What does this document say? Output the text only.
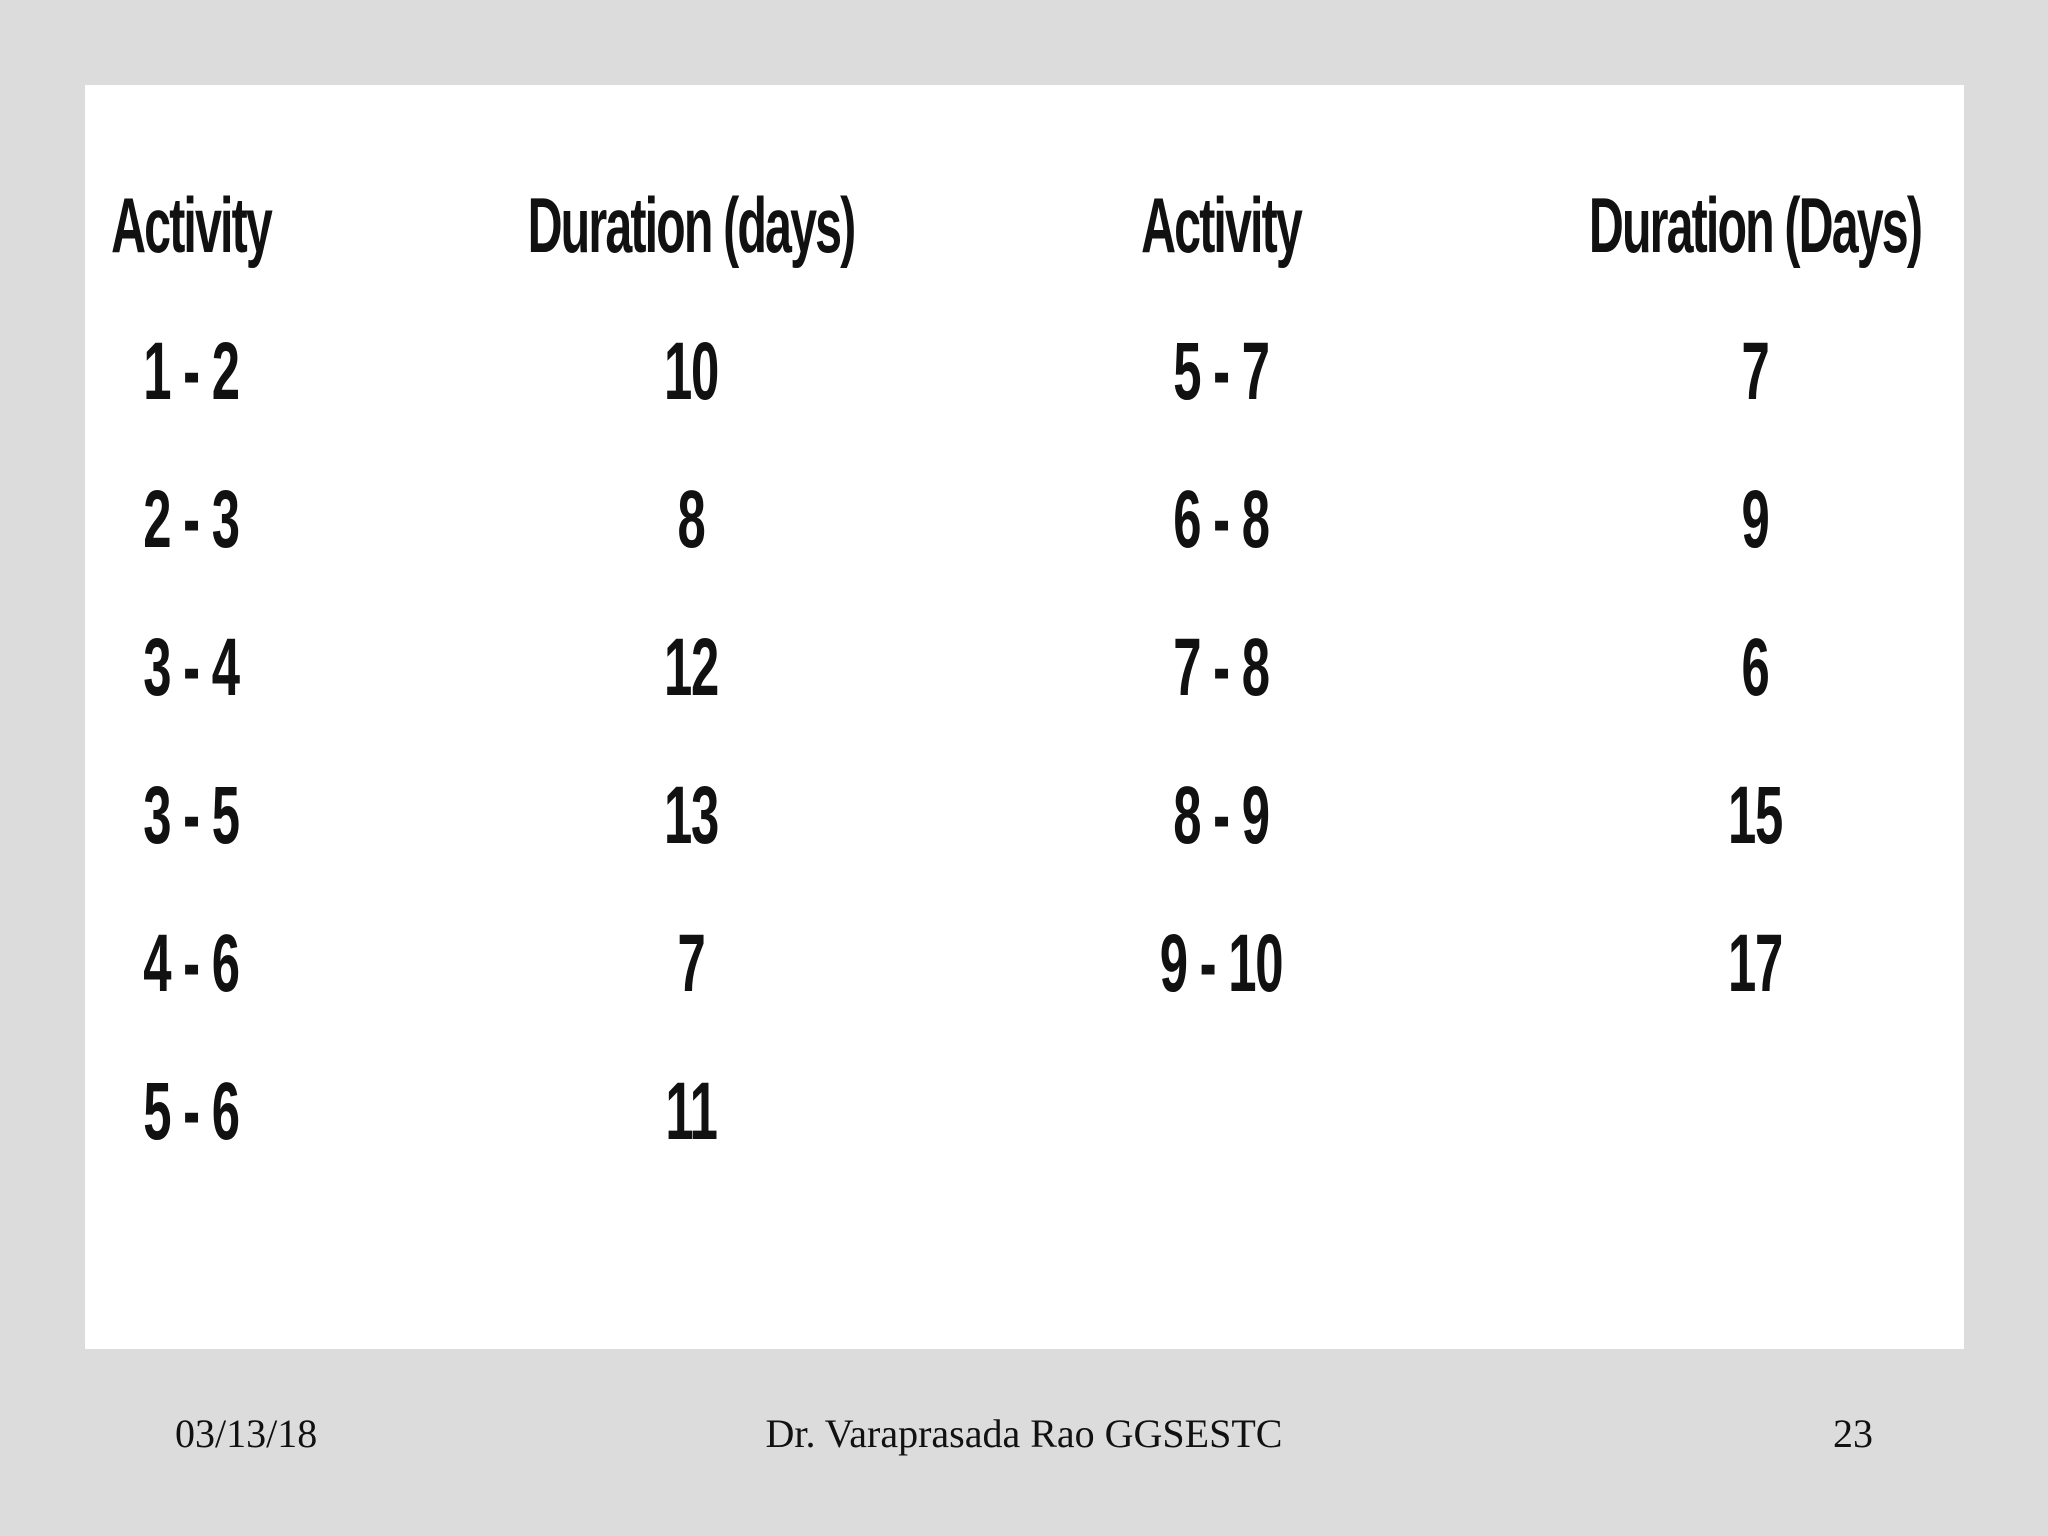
Activity
1 - 2
2 - 3
3 - 4
3 - 5
4 - 6
5 - 6
Duration (days)
10
8
12
13
7
11
Activity
5 - 7
6 - 8
7 - 8
8 - 9
9 - 10
Duration (Days)
7
9
6
15
17
03/13/18	Dr. Varaprasada Rao GGSESTC	23
